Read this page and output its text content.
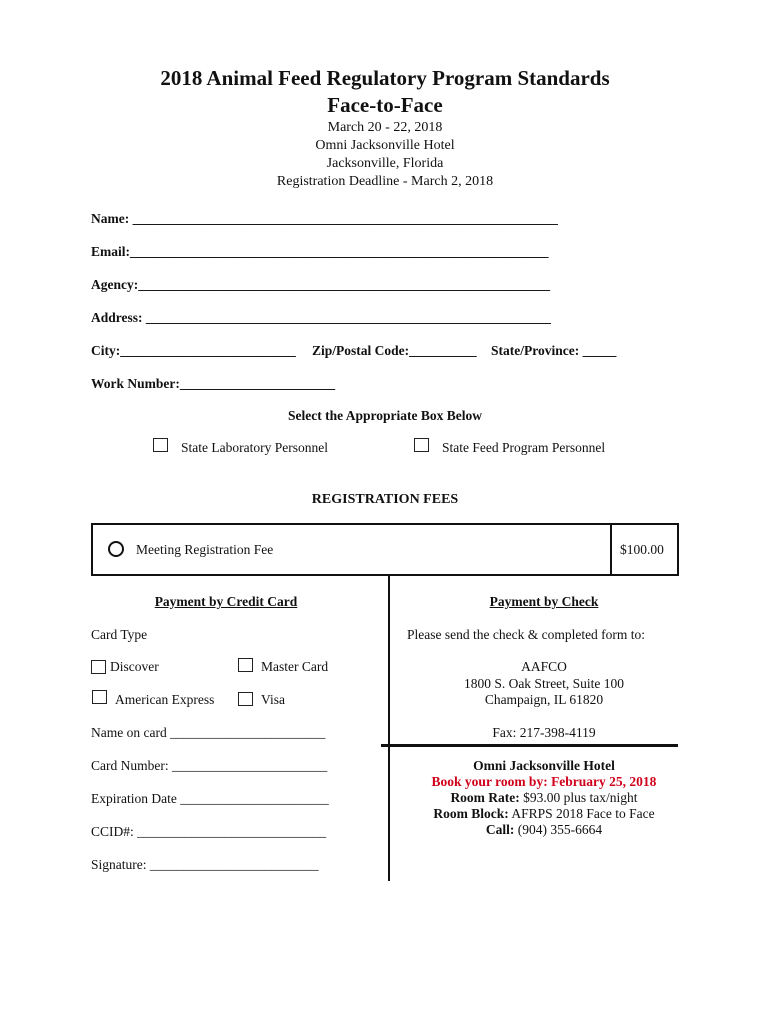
2018 Animal Feed Regulatory Program Standards
Face-to-Face
March 20 - 22, 2018
Omni Jacksonville Hotel
Jacksonville, Florida
Registration Deadline - March 2, 2018
Name: _______________________________________________________________
Email:______________________________________________________________
Agency:_____________________________________________________________
Address: ____________________________________________________________
City:__________________________ Zip/Postal Code:__________ State/Province: _____
Work Number:_______________________
Select the Appropriate Box Below
State Laboratory Personnel	State Feed Program Personnel
REGISTRATION FEES
Meeting Registration Fee	$100.00
Payment by Credit Card
Card Type
Discover	Master Card
American Express	Visa
Name on card _______________________
Card Number: _______________________
Expiration Date ______________________
CCID#: ____________________________
Signature: _________________________
Payment by Check
Please send the check & completed form to:
AAFCO
1800 S. Oak Street, Suite 100
Champaign, IL 61820
Fax: 217-398-4119
Omni Jacksonville Hotel
Book your room by: February 25, 2018
Room Rate: $93.00 plus tax/night
Room Block: AFRPS 2018 Face to Face
Call: (904) 355-6664
